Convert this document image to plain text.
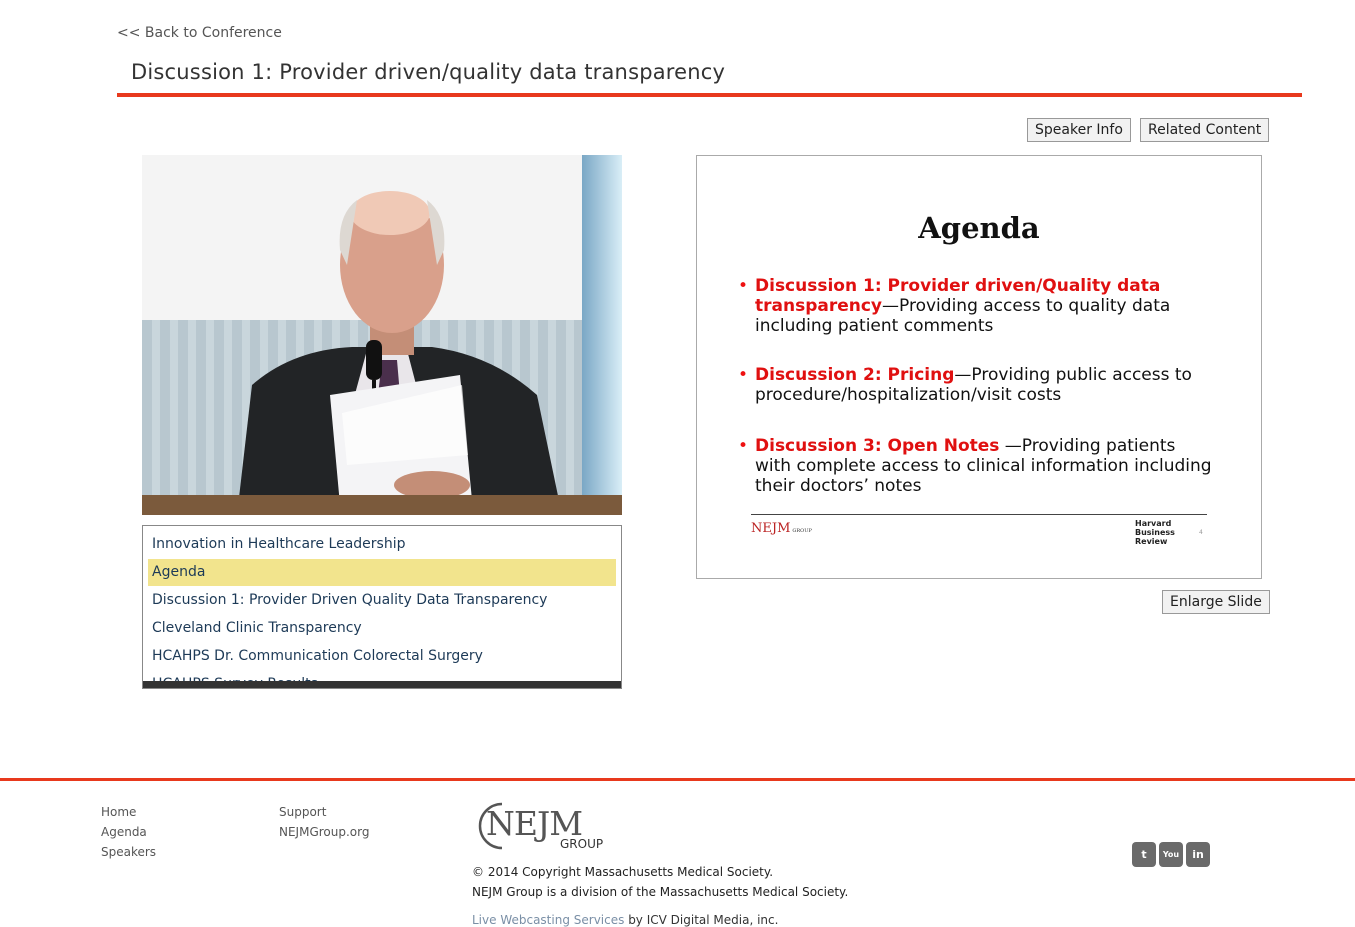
<< Back to Conference
Discussion 1: Provider driven/quality data transparency
Speaker Info	Related Content
Innovation in Healthcare Leadership
Agenda
Discussion 1: Provider Driven Quality Data Transparency
Cleveland Clinic Transparency
HCAHPS Dr. Communication Colorectal Surgery
Agenda
• Discussion 1: Provider driven/Quality data transparency—Providing access to quality data including patient comments
• Discussion 2: Pricing—Providing public access to procedure/hospitalization/visit costs
• Discussion 3: Open Notes —Providing patients with complete access to clinical information including their doctors’ notes
NEJM GROUP
Harvard
Business
Review
4
Enlarge Slide
Home
Agenda
Speakers
Support
NEJMGroup.org	NEJM
GROUP
© 2014 Copyright Massachusetts Medical Society.
NEJM Group is a division of the Massachusetts Medical Society.
Live Webcasting Services by ICV Digital Media, inc.
t	You	in
